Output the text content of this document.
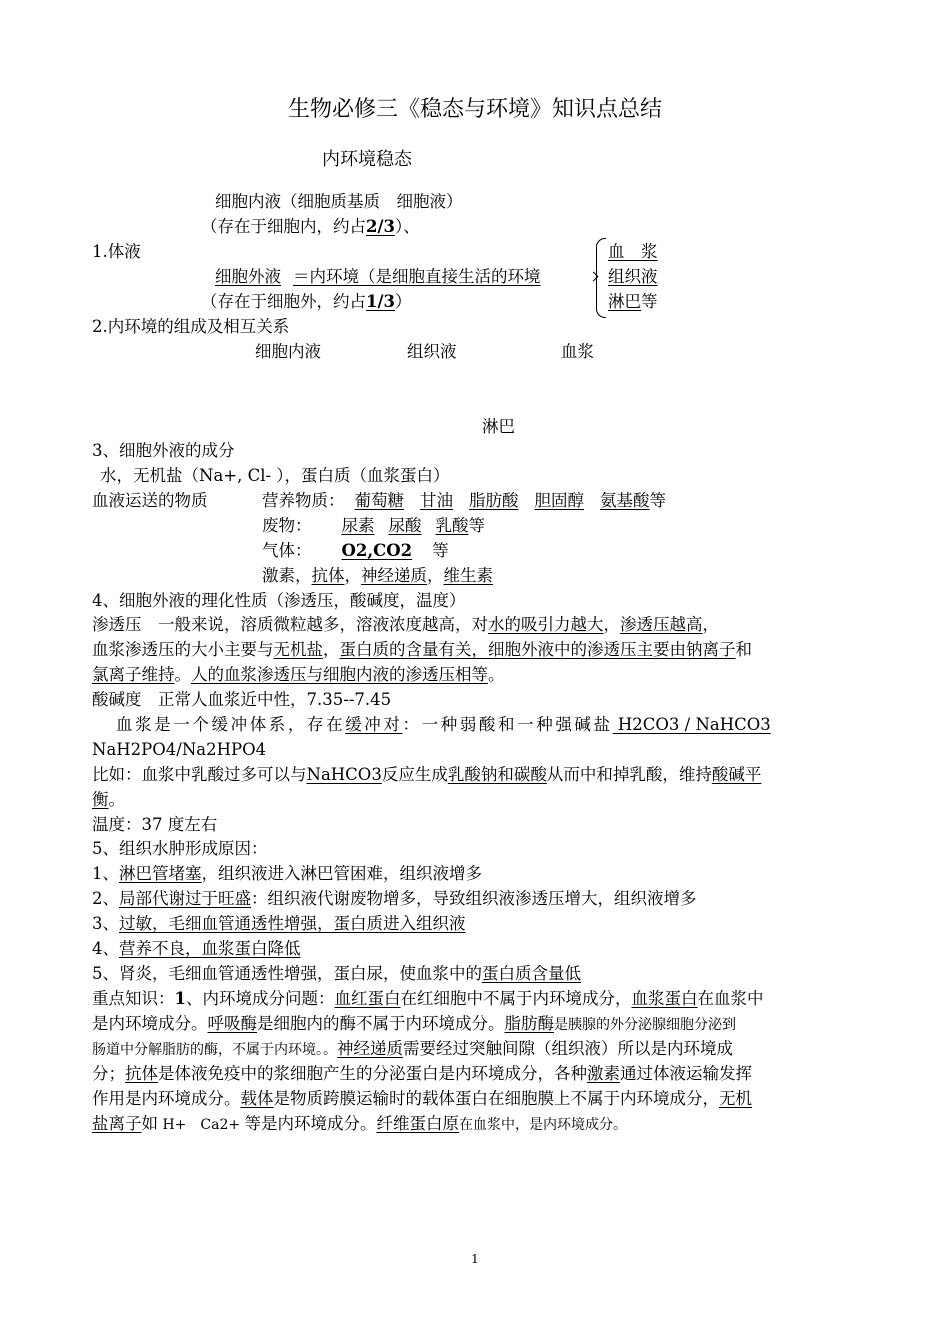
生物必修三《稳态与环境》知识点总结
内环境稳态
细胞内液（细胞质基质　细胞液）
（存在于细胞内，约占2/3）、
1.体液
细胞外液 ＝内环境（是细胞直接生活的环境
（存在于细胞外，约占1/3）
血　浆
组织液
淋巴等
2.内环境的组成及相互关系
细胞内液	组织液	血浆
淋巴
3、细胞外液的成分
水，无机盐（Na+, Cl- ），蛋白质（血浆蛋白）
血液运送的物质	营养物质： 葡萄糖 甘油 脂肪酸 胆固醇 氨基酸等
废物： 尿素 尿酸 乳酸等
气体： O2,CO2 等
激素，抗体，神经递质，维生素
4、细胞外液的理化性质（渗透压，酸碱度，温度）
渗透压　一般来说，溶质微粒越多，溶液浓度越高，对水的吸引力越大，渗透压越高，
血浆渗透压的大小主要与无机盐，蛋白质的含量有关，细胞外液中的渗透压主要由钠离子和
氯离子维持。人的血浆渗透压与细胞内液的渗透压相等。
酸碱度　正常人血浆近中性，7.35--7.45
血浆是一个缓冲体系，存在缓冲对：一种弱酸和一种强碱盐 H2CO3 / NaHCO3
NaH2PO4/Na2HPO4
比如：血浆中乳酸过多可以与NaHCO3反应生成乳酸钠和碳酸从而中和掉乳酸，维持酸碱平
衡。
温度：37 度左右
5、组织水肿形成原因：
1、淋巴管堵塞，组织液进入淋巴管困难，组织液增多
2、局部代谢过于旺盛：组织液代谢废物增多，导致组织液渗透压增大，组织液增多
3、过敏，毛细血管通透性增强，蛋白质进入组织液
4、营养不良，血浆蛋白降低
5、肾炎，毛细血管通透性增强，蛋白尿，使血浆中的蛋白质含量低
重点知识：1、内环境成分问题：血红蛋白在红细胞中不属于内环境成分，血浆蛋白在血浆中
是内环境成分。呼吸酶是细胞内的酶不属于内环境成分。脂肪酶是胰腺的外分泌腺细胞分泌到
肠道中分解脂肪的酶，不属于内环境。。神经递质需要经过突触间隙（组织液）所以是内环境成
分；抗体是体液免疫中的浆细胞产生的分泌蛋白是内环境成分，各种激素通过体液运输发挥
作用是内环境成分。载体是物质跨膜运输时的载体蛋白在细胞膜上不属于内环境成分，无机
盐离子如 H+　Ca2+ 等是内环境成分。纤维蛋白原在血浆中，是内环境成分。
1
